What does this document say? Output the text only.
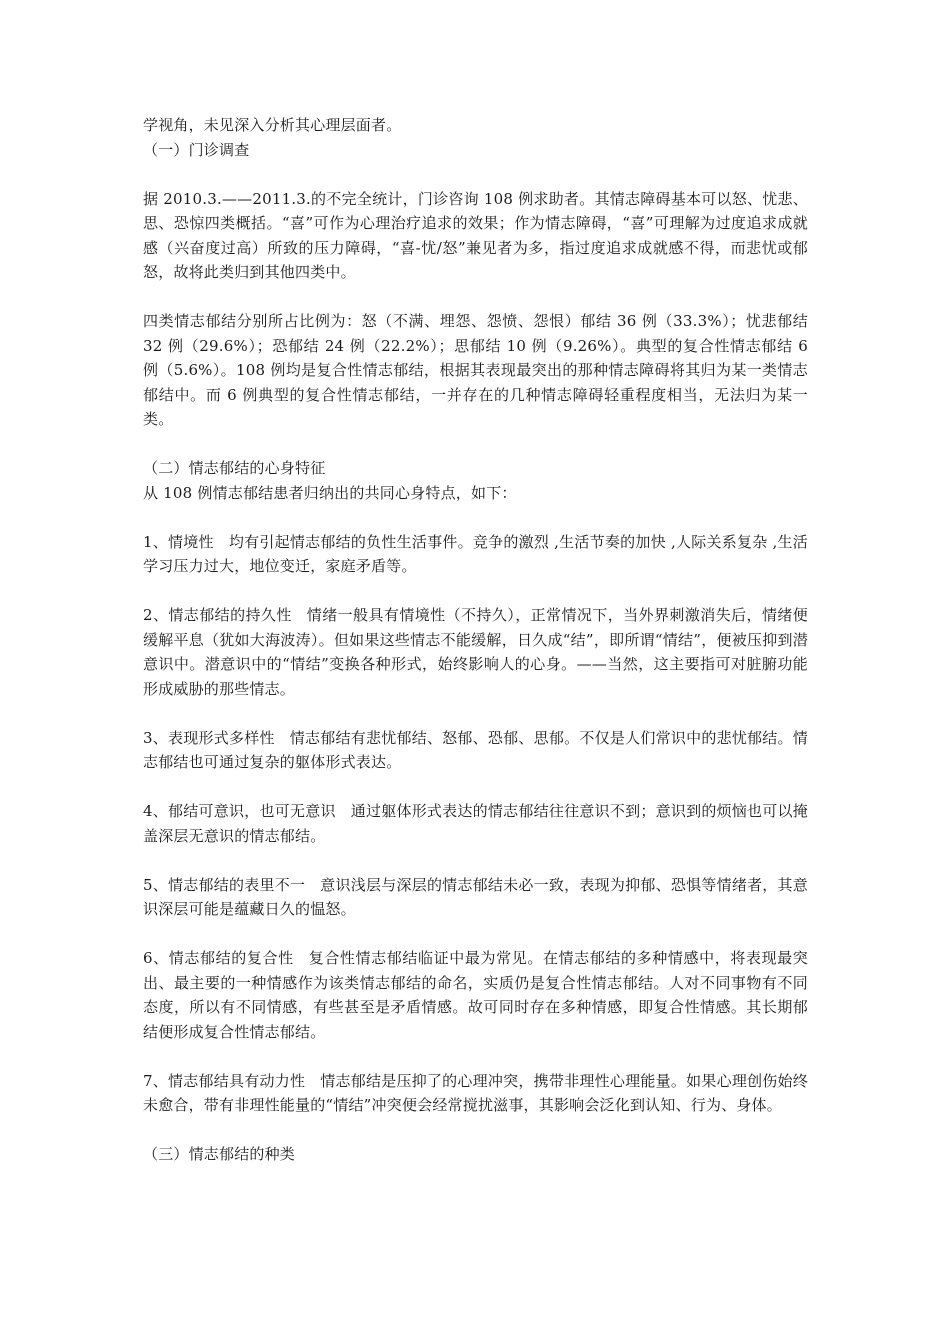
学视角，未见深入分析其心理层面者。

（一）门诊调查

据 2010.3.——2011.3.的不完全统计，门诊咨询 108 例求助者。其情志障碍基本可以怒、忧悲、思、恐惊四类概括。“喜”可作为心理治疗追求的效果；作为情志障碍，“喜”可理解为过度追求成就感（兴奋度过高）所致的压力障碍，“喜-忧/怒”兼见者为多，指过度追求成就感不得，而悲忧或郁怒，故将此类归到其他四类中。

四类情志郁结分别所占比例为：怒（不满、埋怨、怨愤、怨恨）郁结 36 例（33.3%）；忧悲郁结 32 例（29.6%）；恐郁结 24 例（22.2%）；思郁结 10 例（9.26%）。典型的复合性情志郁结 6 例（5.6%）。108 例均是复合性情志郁结，根据其表现最突出的那种情志障碍将其归为某一类情志郁结中。而 6 例典型的复合性情志郁结，一并存在的几种情志障碍轻重程度相当，无法归为某一类。

（二）情志郁结的心身特征

从 108 例情志郁结患者归纳出的共同心身特点，如下：

1、情境性 均有引起情志郁结的负性生活事件。竞争的激烈 ,生活节奏的加快 ,人际关系复杂 ,生活学习压力过大，地位变迁，家庭矛盾等。

2、情志郁结的持久性 情绪一般具有情境性（不持久），正常情况下，当外界刺激消失后，情绪便缓解平息（犹如大海波涛）。但如果这些情志不能缓解，日久成“结”，即所谓“情结”，便被压抑到潜意识中。潜意识中的“情结”变换各种形式，始终影响人的心身。——当然，这主要指可对脏腑功能形成威胁的那些情志。

3、表现形式多样性 情志郁结有悲忧郁结、怒郁、恐郁、思郁。不仅是人们常识中的悲忧郁结。情志郁结也可通过复杂的躯体形式表达。

4、郁结可意识，也可无意识 通过躯体形式表达的情志郁结往往意识不到；意识到的烦恼也可以掩盖深层无意识的情志郁结。

5、情志郁结的表里不一 意识浅层与深层的情志郁结未必一致，表现为抑郁、恐惧等情绪者，其意识深层可能是蕴藏日久的愠怒。

6、情志郁结的复合性 复合性情志郁结临证中最为常见。在情志郁结的多种情感中，将表现最突出、最主要的一种情感作为该类情志郁结的命名，实质仍是复合性情志郁结。人对不同事物有不同态度，所以有不同情感，有些甚至是矛盾情感。故可同时存在多种情感，即复合性情感。其长期郁结便形成复合性情志郁结。

7、情志郁结具有动力性 情志郁结是压抑了的心理冲突，携带非理性心理能量。如果心理创伤始终未愈合，带有非理性能量的“情结”冲突便会经常搅扰滋事，其影响会泛化到认知、行为、身体。

（三）情志郁结的种类
